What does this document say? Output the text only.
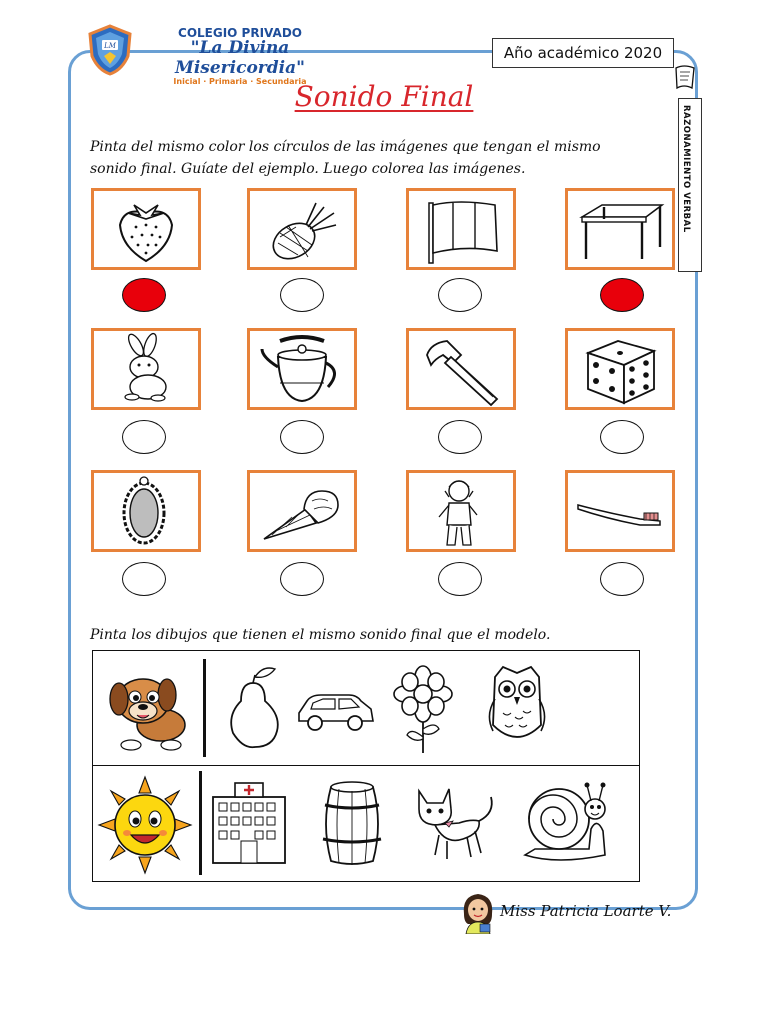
LM
COLEGIO PRIVADO
"La Divina Misericordia"
Inicial · Primaria · Secundaria
Año académico 2020
RAZONAMIENTO VERBAL
Sonido Final
Pinta del mismo color los círculos de las imágenes que tengan el mismo
sonido final. Guíate del ejemplo. Luego colorea las imágenes.
Pinta los dibujos que tienen el mismo sonido final que el modelo.
Miss Patricia Loarte V.
